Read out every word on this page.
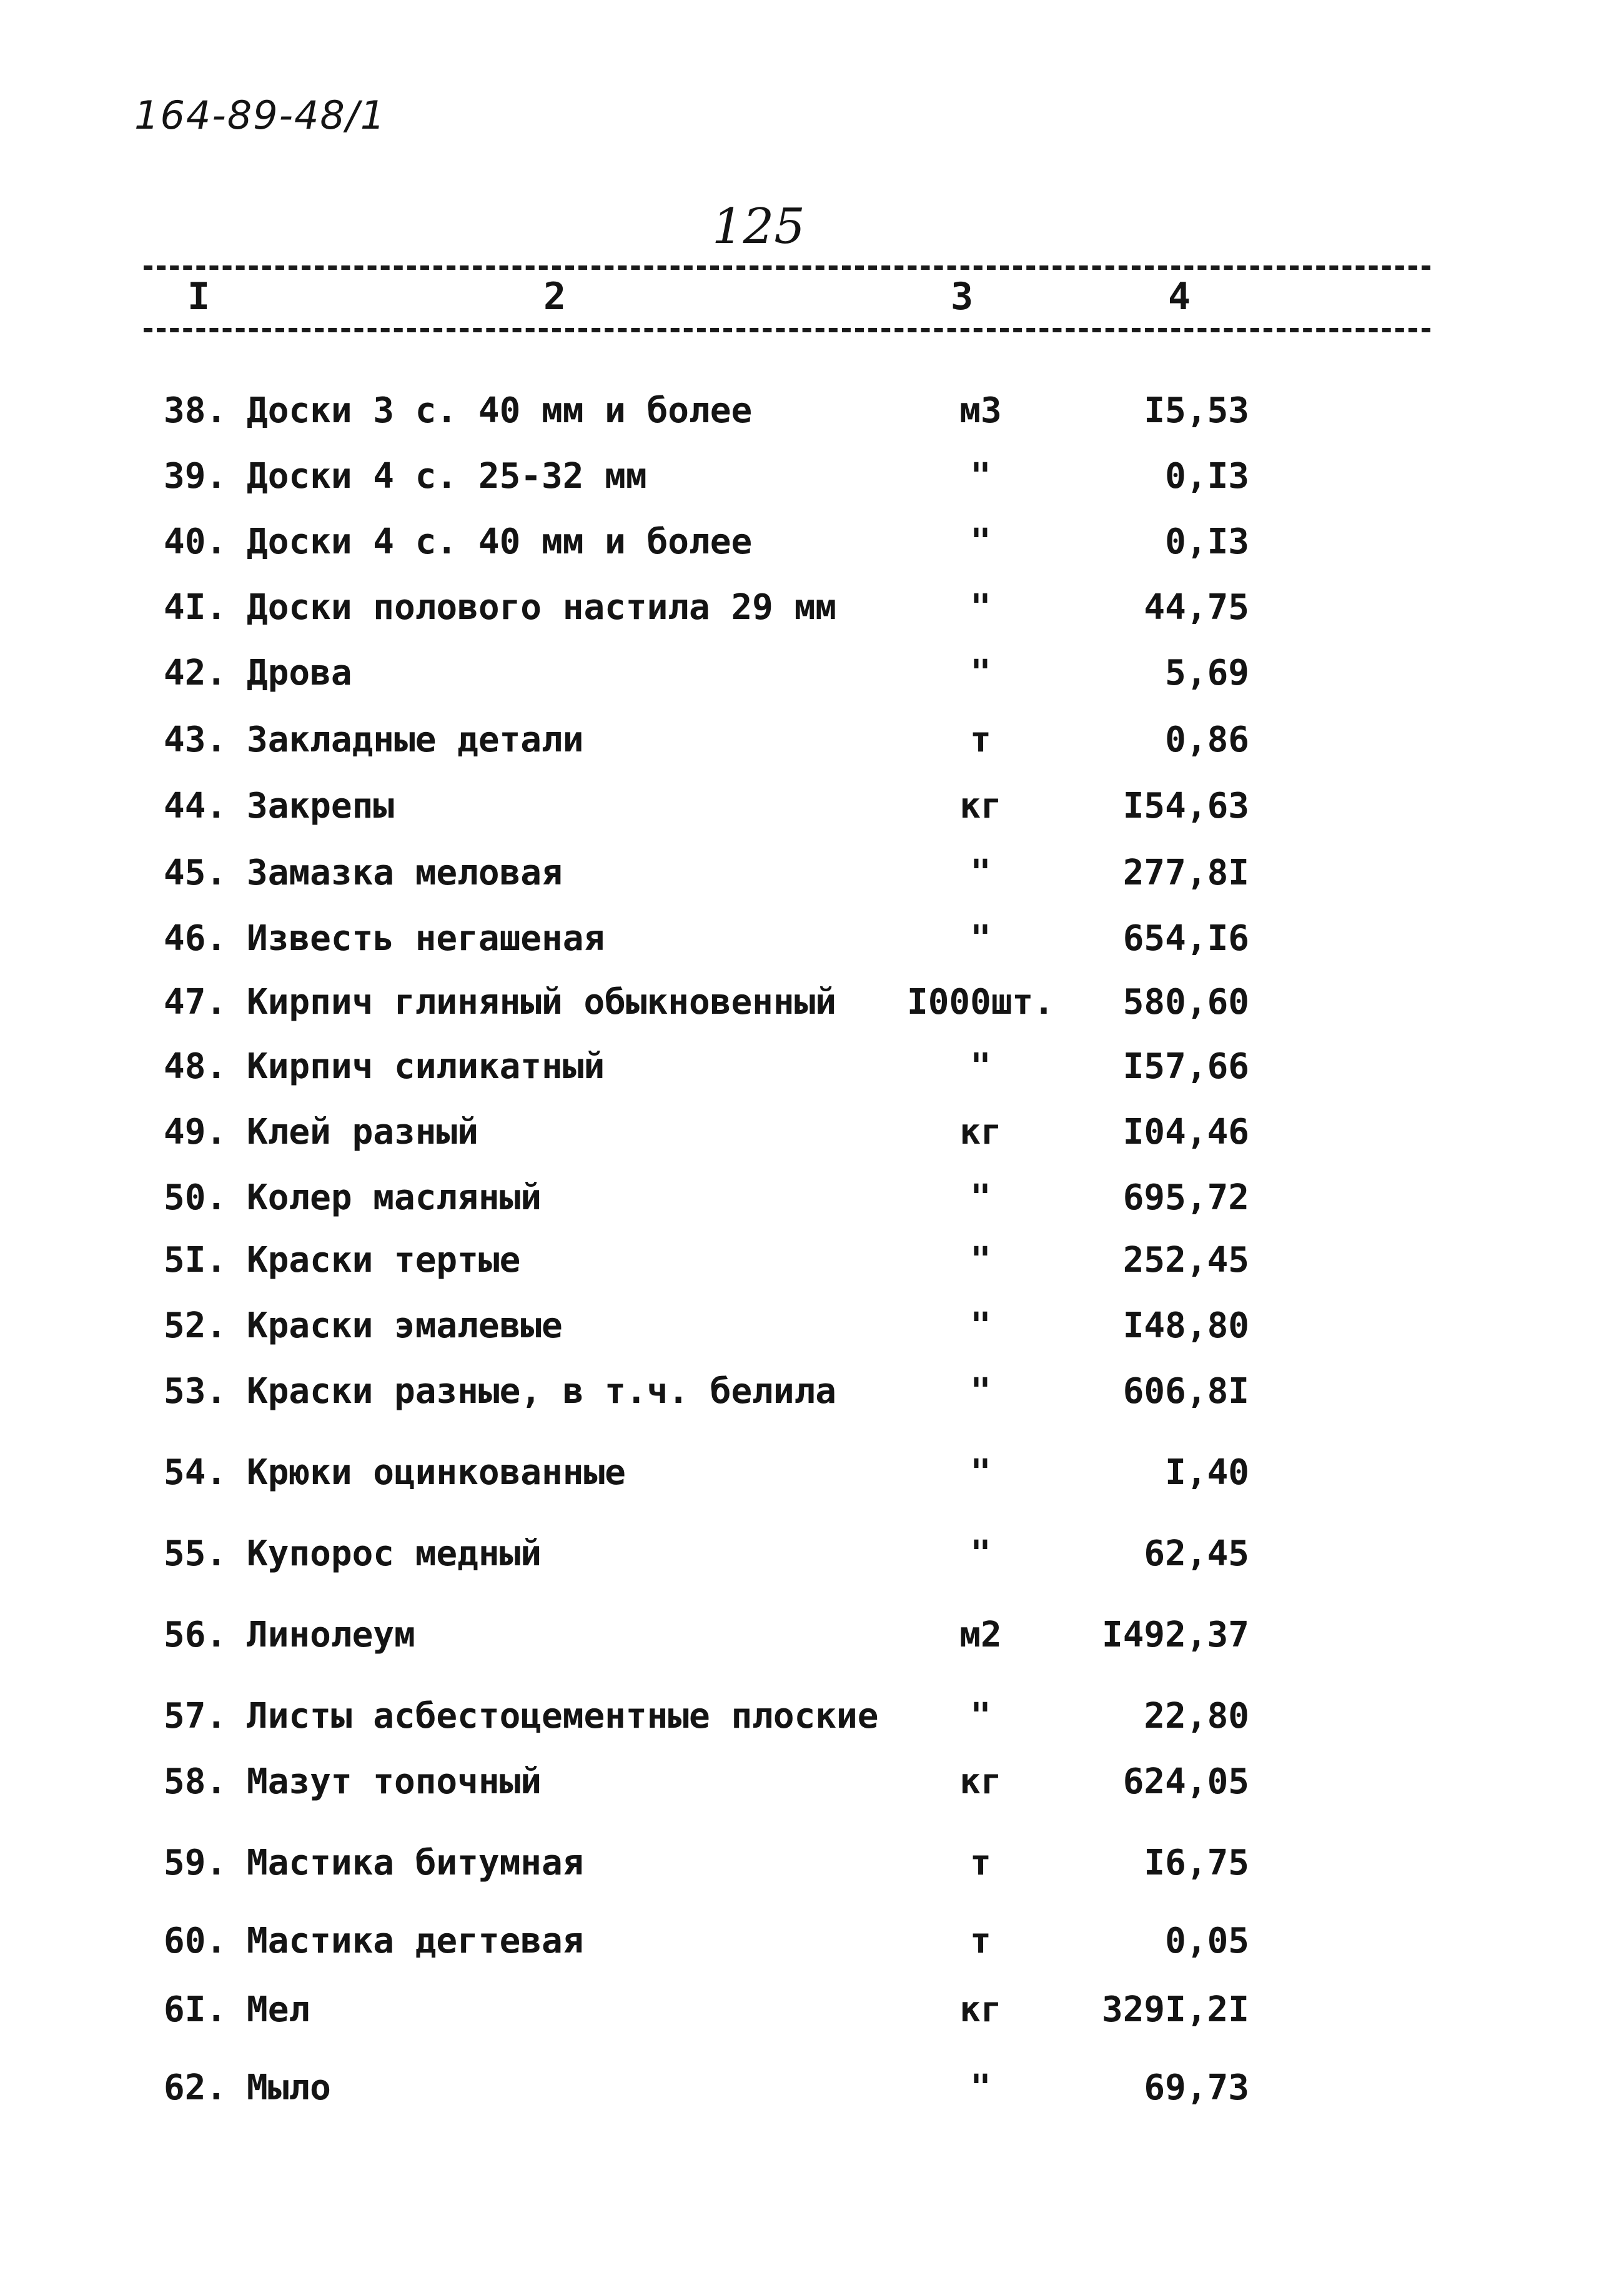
164-89-48/1
125
I	2	3	4
38. Доски 3 с. 40 мм и более	м3	I5,53
39. Доски 4 с. 25-32 мм	"	0,I3
40. Доски 4 с. 40 мм и более	"	0,I3
4I. Доски полового настила 29 мм	"	44,75
42. Дрова	"	5,69
43. Закладные детали	т	0,86
44. Закрепы	кг	I54,63
45. Замазка меловая	"	277,8I
46. Известь негашеная	"	654,I6
47. Кирпич глиняный обыкновенный	I000шт.	580,60
48. Кирпич силикатный	"	I57,66
49. Клей разный	кг	I04,46
50. Колер масляный	"	695,72
5I. Краски тертые	"	252,45
52. Краски эмалевые	"	I48,80
53. Краски разные, в т.ч. белила	"	606,8I
54. Крюки оцинкованные	"	I,40
55. Купорос медный	"	62,45
56. Линолеум	м2	I492,37
57. Листы асбестоцементные плоские	"	22,80
58. Мазут топочный	кг	624,05
59. Мастика битумная	т	I6,75
60. Мастика дегтевая	т	0,05
6I. Мел	кг	329I,2I
62. Мыло	"	69,73
